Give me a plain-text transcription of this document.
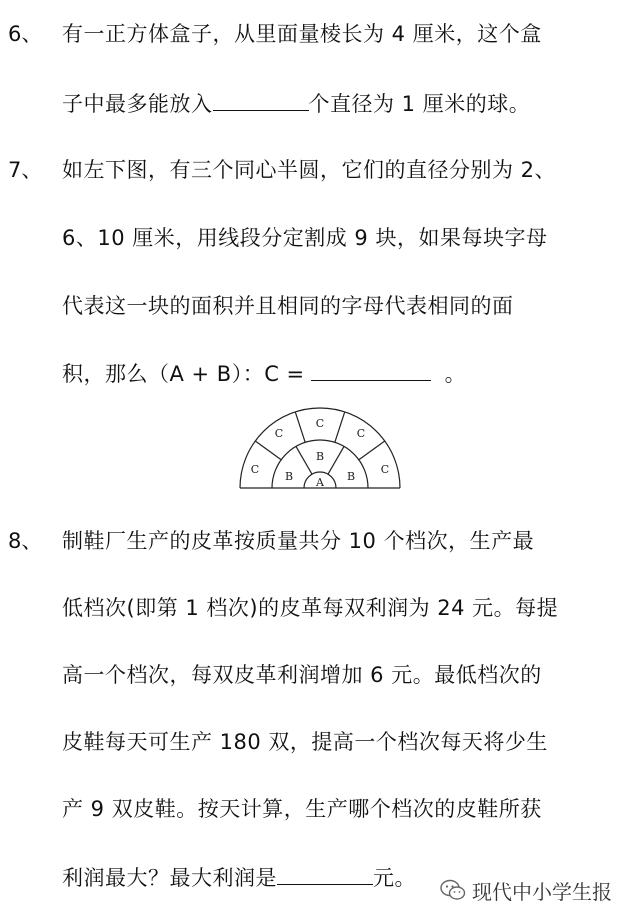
6、 有一正方体盒子，从里面量棱长为 4 厘米，这个盒
子中最多能放入	个直径为 1 厘米的球。
7、 如左下图，有三个同心半圆，它们的直径分别为 2、
6、10 厘米，用线段分定割成 9 块，如果每块字母
代表这一块的面积并且相同的字母代表相同的面
积，那么（A + B）：C =	。
A
B
B
B
C
C
C
C
C
8、 制鞋厂生产的皮革按质量共分 10 个档次，生产最
低档次(即第 1 档次)的皮革每双利润为 24 元。每提
高一个档次，每双皮革利润增加 6 元。最低档次的
皮鞋每天可生产 180 双，提高一个档次每天将少生
产 9 双皮鞋。按天计算，生产哪个档次的皮鞋所获
利润最大？最大利润是	元。
现代中小学生报
